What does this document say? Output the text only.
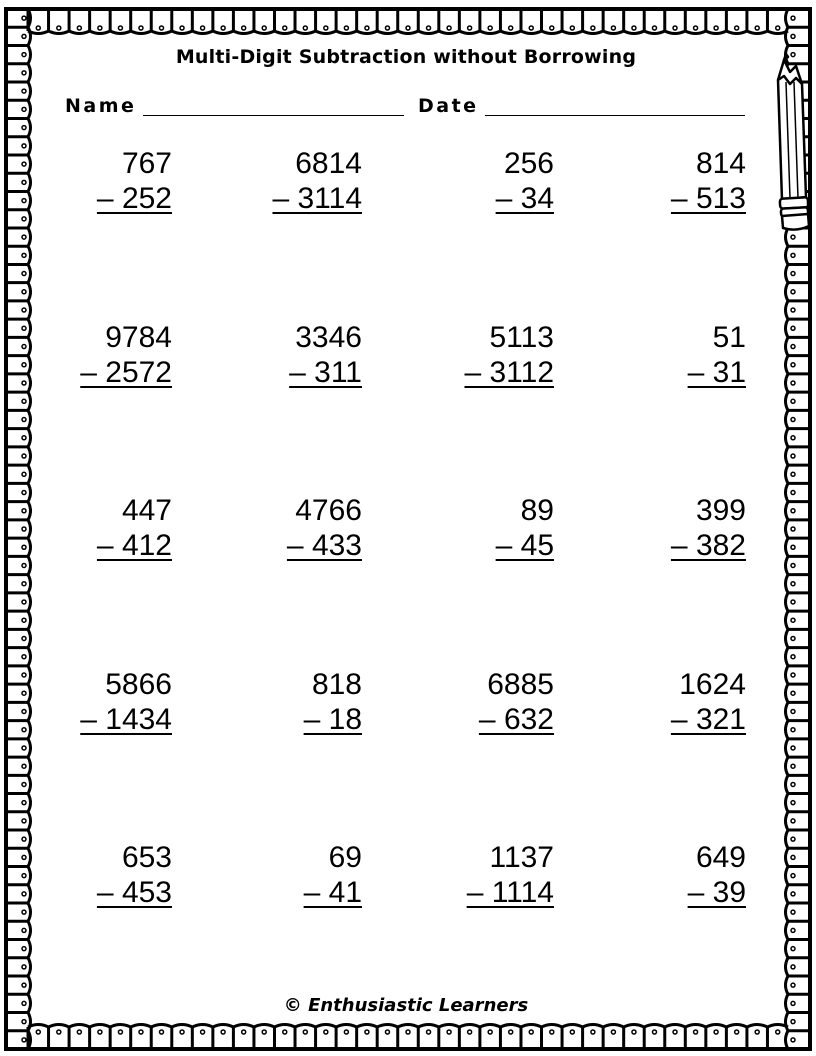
Multi-Digit Subtraction without Borrowing
Name	Date
767
– 252
6814
– 3114
256
– 34
814
– 513
9784
– 2572
3346
– 311
5113
– 3112
51
– 31
447
– 412
4766
– 433
89
– 45
399
– 382
5866
– 1434
818
– 18
6885
– 632
1624
– 321
653
– 453
69
– 41
1137
– 1114
649
– 39
© Enthusiastic Learners
